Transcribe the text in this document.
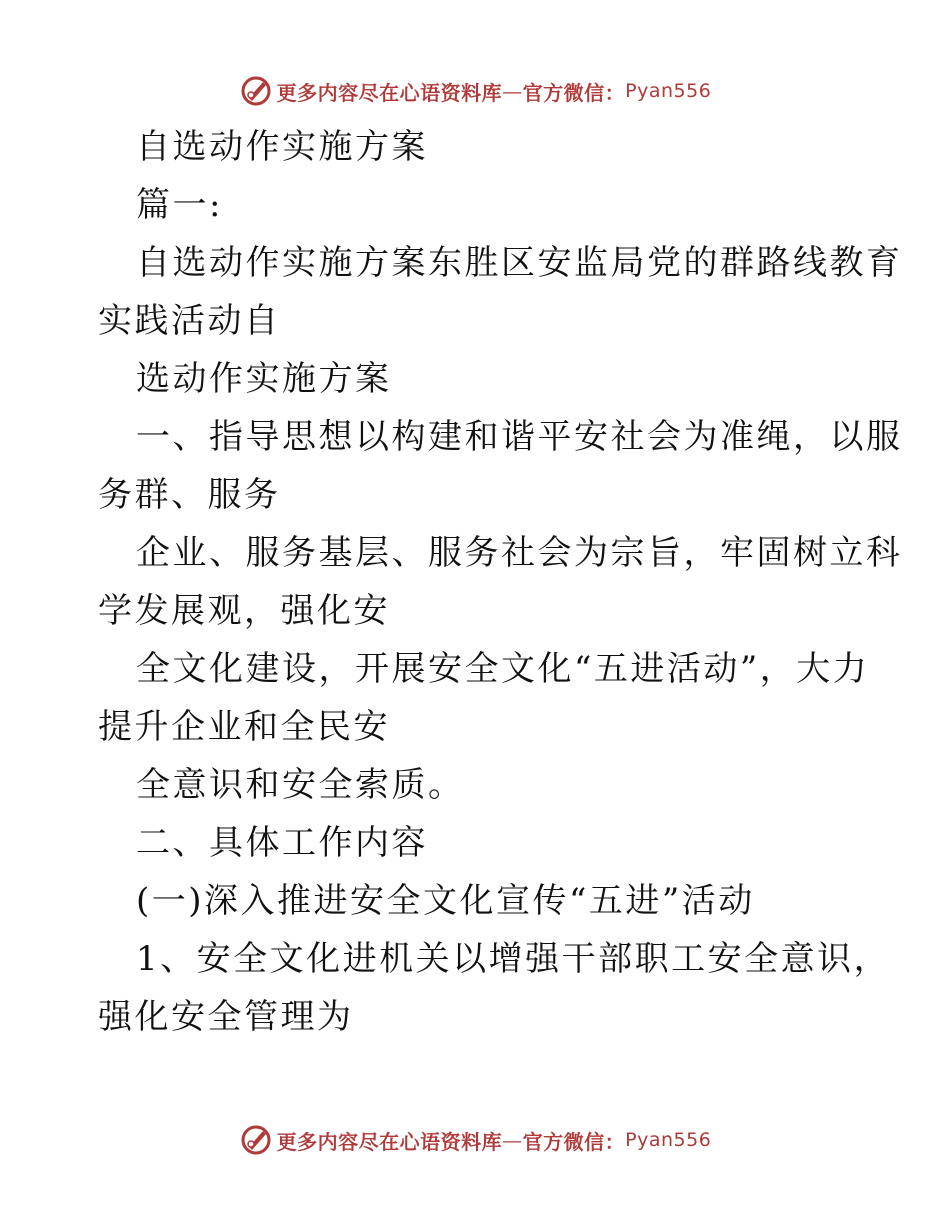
更多内容尽在心语资料库 — 官方微信： Pyan556

自选动作实施方案

篇一:

自选动作实施方案东胜区安监局党的群路线教育

实践活动自

选动作实施方案

一、指导思想以构建和谐平安社会为准绳，以服

务群、服务

企业、服务基层、服务社会为宗旨，牢固树立科

学发展观，强化安

全文化建设，开展安全文化“五进活动”，大力

提升企业和全民安

全意识和安全索质。

二、具体工作内容

(一)深入推进安全文化宣传“五进”活动

1、安全文化进机关以增强干部职工安全意识，

强化安全管理为

更多内容尽在心语资料库 — 官方微信： Pyan556
